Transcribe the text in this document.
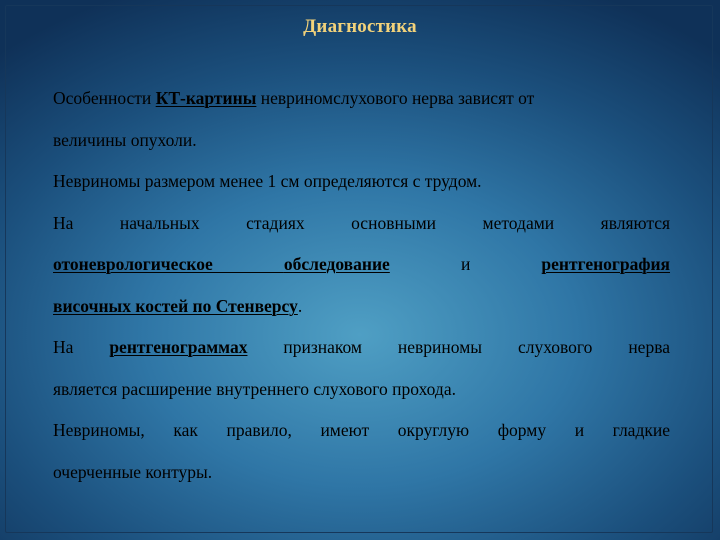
Диагностика
Особенности КТ-картины невриномслухового нерва зависят от
величины опухоли.
Невриномы размером менее 1 см определяются с трудом.
На	начальных	стадиях	основными	методами	являются
отоневрологическое обследование	и	рентгенография
височных костей по Стенверсу.
На рентгенограммах признаком невриномы слухового нерва
является расширение внутреннего слухового прохода.
Невриномы, как правило, имеют округлую форму и гладкие
очерченные контуры.
